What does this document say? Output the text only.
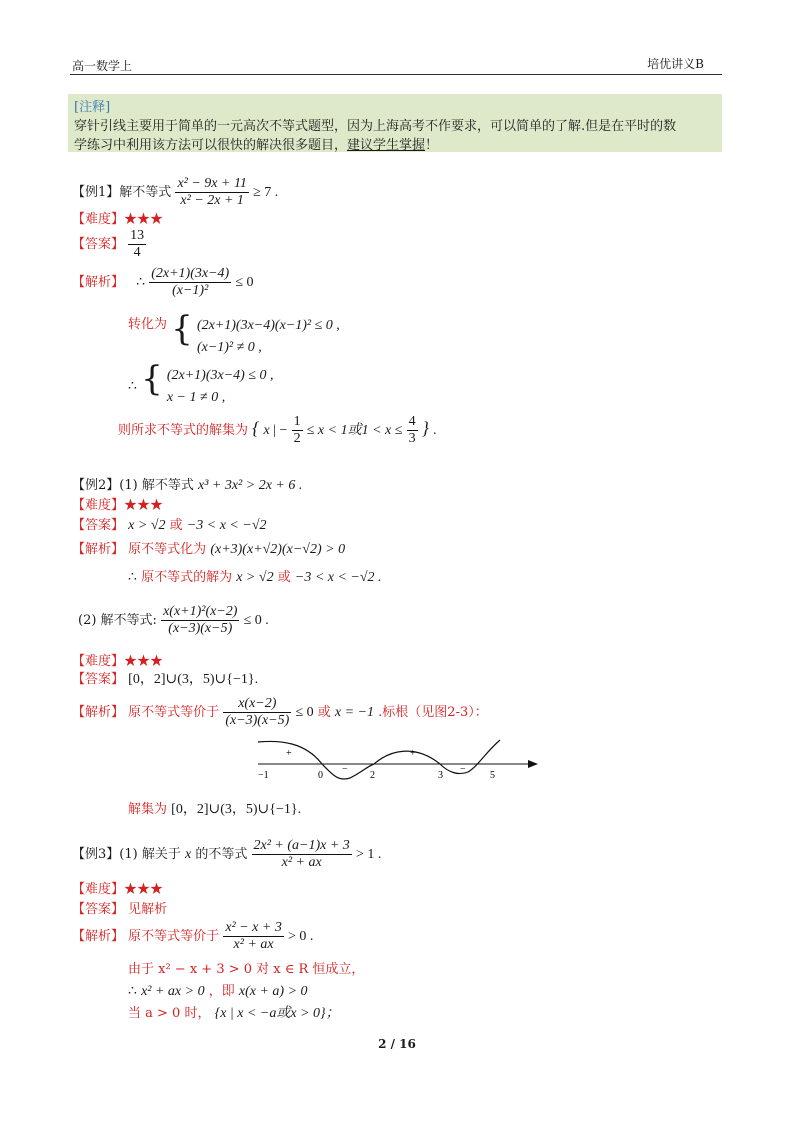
高一数学上	培优讲义B
[注释]
穿针引线主要用于简单的一元高次不等式题型，因为上海高考不作要求，可以简单的了解.但是在平时的数
学练习中利用该方法可以很快的解决很多题目，建议学生掌握！
【例1】解不等式 $\frac{\text{x² − 9x + 11}}{\text{x² − 2x + 1}} \ge 7$ .
【难度】★★★
【答案】 $\frac{13}{4}$
【解析】 ∴ $\frac{(2x+1)(3x-4)}{\text{(x−1)²}} \le 0$
转化为 { (2x+1)(3x−4)(x−1)² ≤ 0 ,
(x−1)² ≠ 0 ,
∴ { (2x+1)(3x−4) ≤ 0 ,
x − 1 ≠ 0 ,
则所求不等式的解集为 { x | − $\frac{1}{2} \le x < 1$或$1 < x \le \frac{4}{3}$ } .
【例2】(1) 解不等式 x³ + 3x² > 2x + 6 .
【难度】★★★
【答案】 x > √2 或 −3 < x < −√2
【解析】 原不等式化为 (x+3)(x+√2)(x−√2) > 0
∴ 原不等式的解为 x > √2 或 −3 < x < −√2 .
(2) 解不等式: $\frac{\text{x(x+1)²(x−2)}}{(x-3)(x-5)} \le 0$ .
【难度】★★★
【答案】 [0，2]∪(3，5)∪{−1}.
【解析】 原不等式等价于 $\frac{x(x-2)}{(x-3)(x-5)} \le 0$ 或 x = −1 .标根（见图2-3）：
−1	0	2	3	5
+
−
+
−
解集为 [0，2]∪(3，5)∪{−1}.
【例3】(1) 解关于 x 的不等式 $\frac{\text{2x² + (a−1)x + 3}}{\text{x² + ax}} > 1$ .
【难度】★★★
【答案】 见解析
【解析】 原不等式等价于 $\frac{\text{x² − x + 3}}{\text{x² + ax}} > 0$ .
由于 x² − x + 3 > 0 对 x ∈ R 恒成立，
∴ x² + ax > 0 ，即 x(x + a) > 0
当 a > 0 时， {x | x < −a或x > 0}；
2 / 16
